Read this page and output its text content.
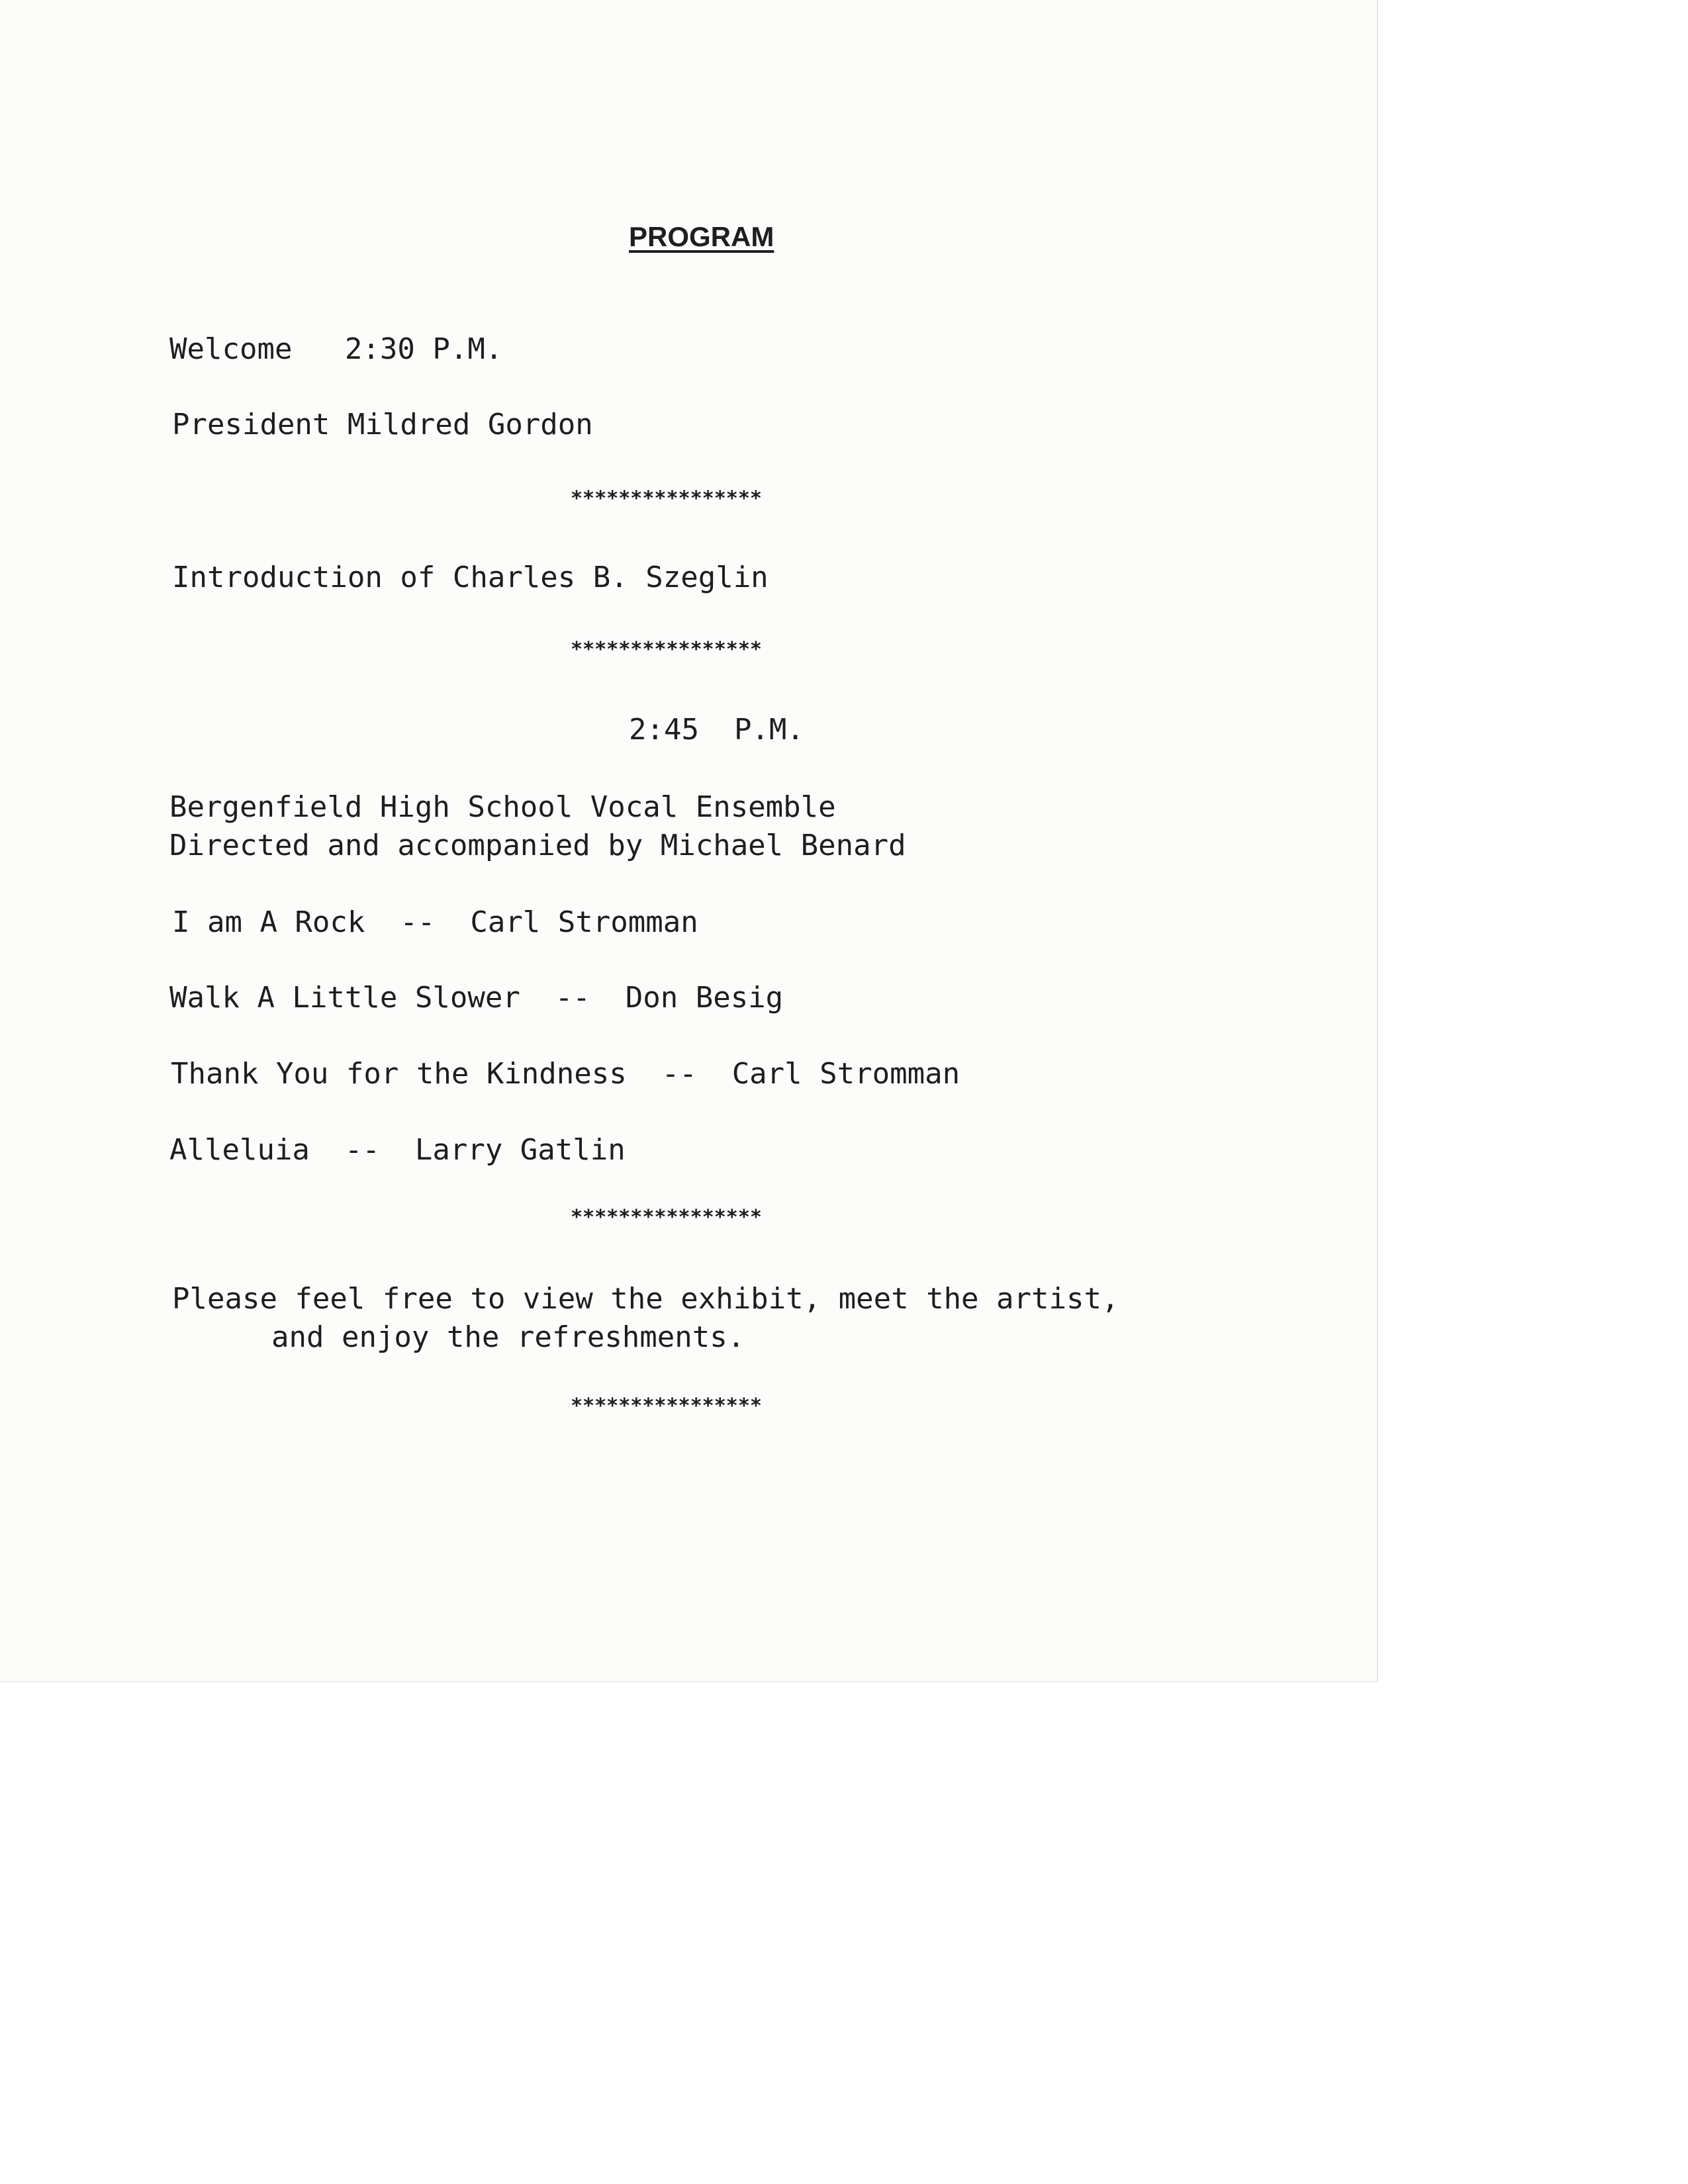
PROGRAM

Welcome   2:30 P.M.

President Mildred Gordon

****************

Introduction of Charles B. Szeglin

****************

2:45  P.M.

Bergenfield High School Vocal Ensemble

Directed and accompanied by Michael Benard

I am A Rock  --  Carl Stromman

Walk A Little Slower  --  Don Besig

Thank You for the Kindness  --  Carl Stromman

Alleluia  --  Larry Gatlin

****************

Please feel free to view the exhibit, meet the artist,

and enjoy the refreshments.

****************
